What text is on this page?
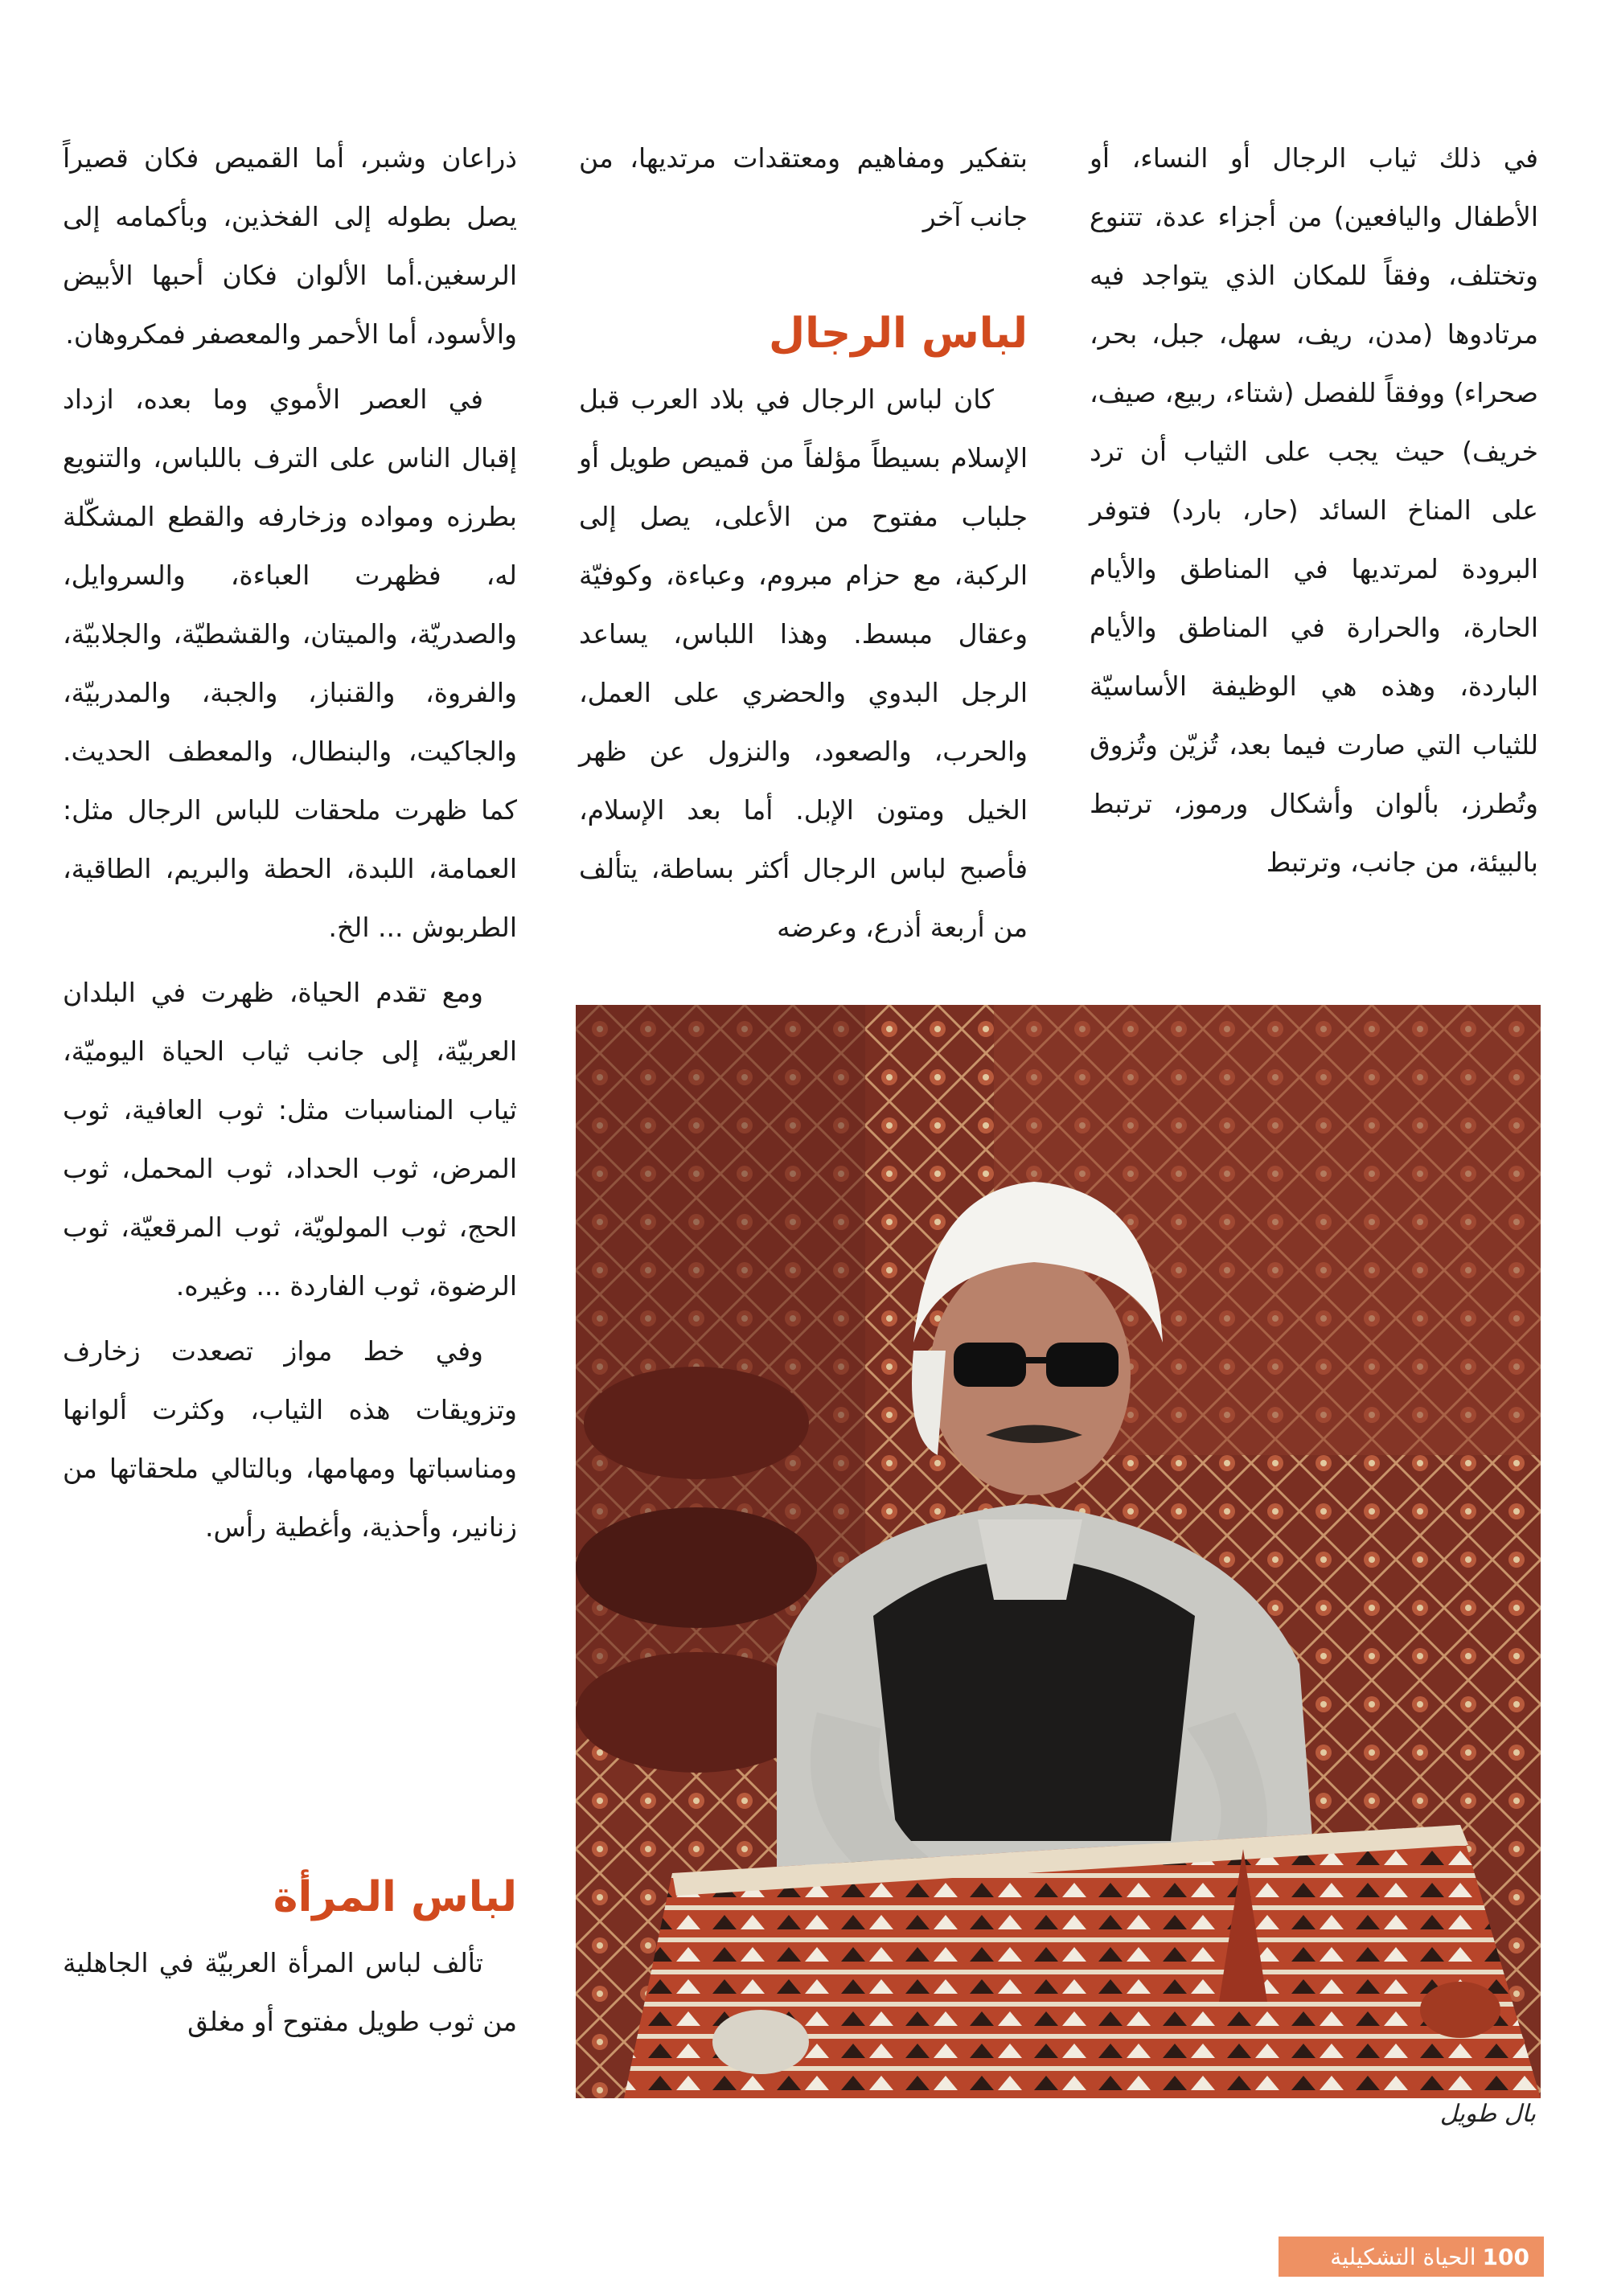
في ذلك ثياب الرجال أو النساء، أو الأطفال واليافعين) من أجزاء عدة، تتنوع وتختلف، وفقاً للمكان الذي يتواجد فيه مرتادوها (مدن، ريف، سهل، جبل، بحر، صحراء) ووفقاً للفصل (شتاء، ربيع، صيف، خريف) حيث يجب على الثياب أن ترد على المناخ السائد (حار، بارد) فتوفر البرودة لمرتديها في المناطق والأيام الحارة، والحرارة في المناطق والأيام الباردة، وهذه هي الوظيفة الأساسيّة للثياب التي صارت فيما بعد، تُزيّن وتُزوق وتُطرز، بألوان وأشكال ورموز، ترتبط بالبيئة، من جانب، وترتبط

بتفكير ومفاهيم ومعتقدات مرتديها، من جانب آخر

لباس الرجال

كان لباس الرجال في بلاد العرب قبل الإسلام بسيطاً مؤلفاً من قميص طويل أو جلباب مفتوح من الأعلى، يصل إلى الركبة، مع حزام مبروم، وعباءة، وكوفيّة وعقال مبسط. وهذا اللباس، يساعد الرجل البدوي والحضري على العمل، والحرب، والصعود، والنزول عن ظهر الخيل ومتون الإبل. أما بعد الإسلام، فأصبح لباس الرجال أكثر بساطة، يتألف من أربعة أذرع، وعرضه

ذراعان وشبر، أما القميص فكان قصيراً يصل بطوله إلى الفخذين، وبأكمامه إلى الرسغين.أما الألوان فكان أحبها الأبيض والأسود، أما الأحمر والمعصفر فمكروهان.

في العصر الأموي وما بعده، ازداد إقبال الناس على الترف باللباس، والتنويع بطرزه ومواده وزخارفه والقطع المشكّلة له، فظهرت العباءة، والسروايل، والصدريّة، والميتان، والقشطيّة، والجلابيّة، والفروة، والقنباز، والجبة، والمدربيّة، والجاكيت، والبنطال، والمعطف الحديث. كما ظهرت ملحقات للباس الرجال مثل: العمامة، اللبدة، الحطة والبريم، الطاقية، الطربوش ... الخ.

ومع تقدم الحياة، ظهرت في البلدان العربيّة، إلى جانب ثياب الحياة اليوميّة، ثياب المناسبات مثل: ثوب العافية، ثوب المرض، ثوب الحداد، ثوب المحمل، ثوب الحج، ثوب المولويّة، ثوب المرقعيّة، ثوب الرضوة، ثوب الفاردة ... وغيره.

وفي خط مواز تصعدت زخارف وتزويقات هذه الثياب، وكثرت ألوانها ومناسباتها ومهامها، وبالتالي ملحقاتها من زنانير، وأحذية، وأغطية رأس.

لباس المرأة

تألف لباس المرأة العربيّة في الجاهلية من ثوب طويل مفتوح أو مغلق

بال طويل
100
الحياة التشكيلية
